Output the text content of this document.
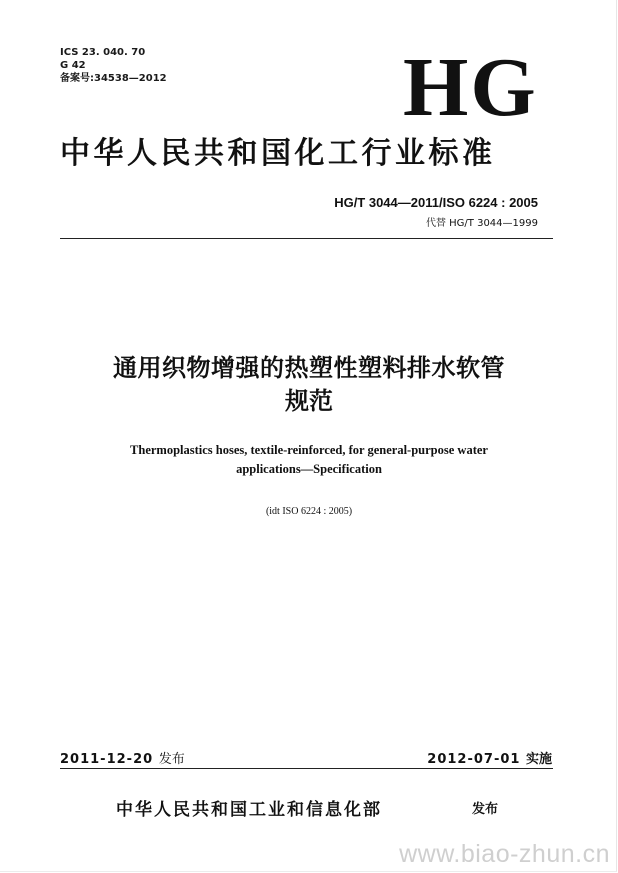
ICS 23. 040. 70
G 42
备案号:34538—2012	HG
中华人民共和国化工行业标准
HG/T 3044—2011/ISO 6224 : 2005
代替 HG/T 3044—1999
通用织物增强的热塑性塑料排水软管
规范
Thermoplastics hoses, textile-reinforced, for general-purpose water
applications—Specification
(idt ISO 6224 : 2005)
2011-12-20 发布	2012-07-01 实施
中华人民共和国工业和信息化部	发布
www.biao-zhun.cn
